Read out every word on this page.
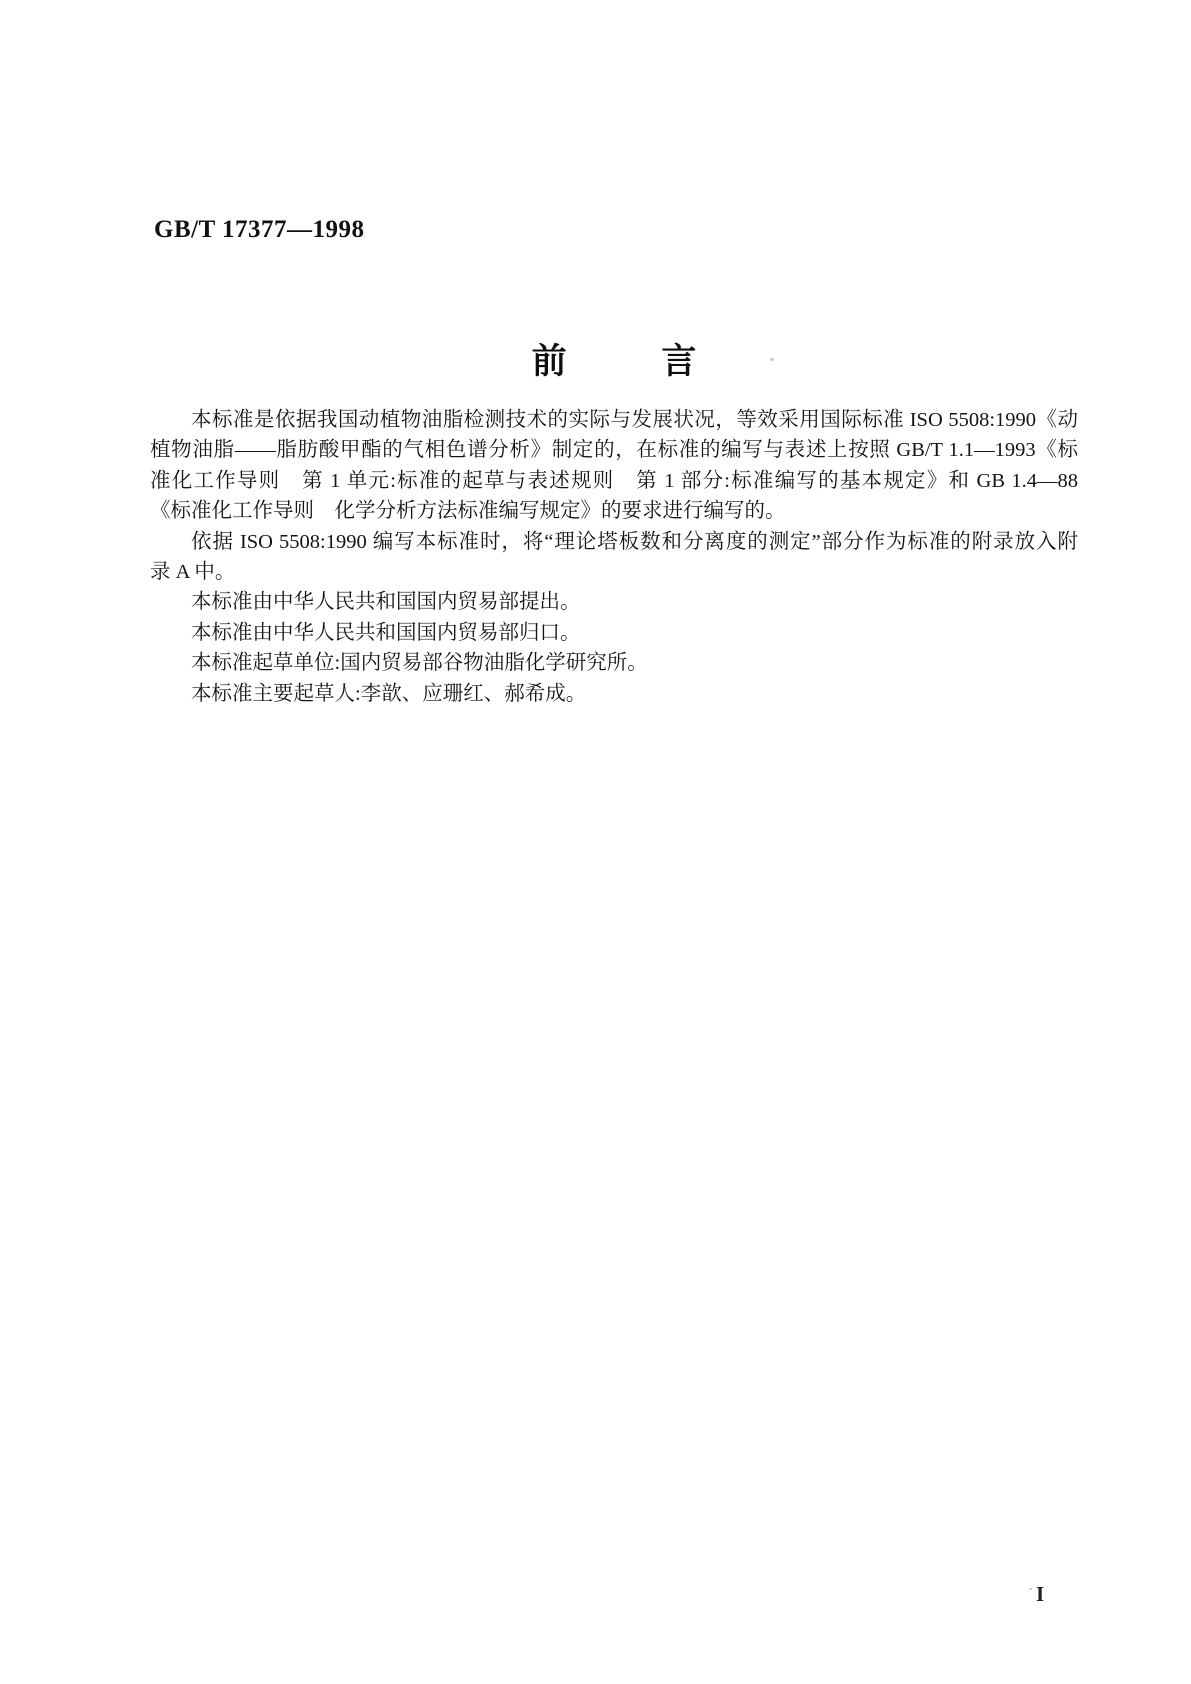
GB/T 17377—1998
前 言
本标准是依据我国动植物油脂检测技术的实际与发展状况，等效采用国际标准 ISO 5508:1990《动
植物油脂——脂肪酸甲酯的气相色谱分析》制定的，在标准的编写与表述上按照 GB/T 1.1—1993《标
准化工作导则　第 1 单元:标准的起草与表述规则　第 1 部分:标准编写的基本规定》和 GB 1.4—88
《标准化工作导则　化学分析方法标准编写规定》的要求进行编写的。
依据 ISO 5508:1990 编写本标准时，将“理论塔板数和分离度的测定”部分作为标准的附录放入附
录 A 中。
本标准由中华人民共和国国内贸易部提出。
本标准由中华人民共和国国内贸易部归口。
本标准起草单位:国内贸易部谷物油脂化学研究所。
本标准主要起草人:李歆、应珊红、郝希成。
I
